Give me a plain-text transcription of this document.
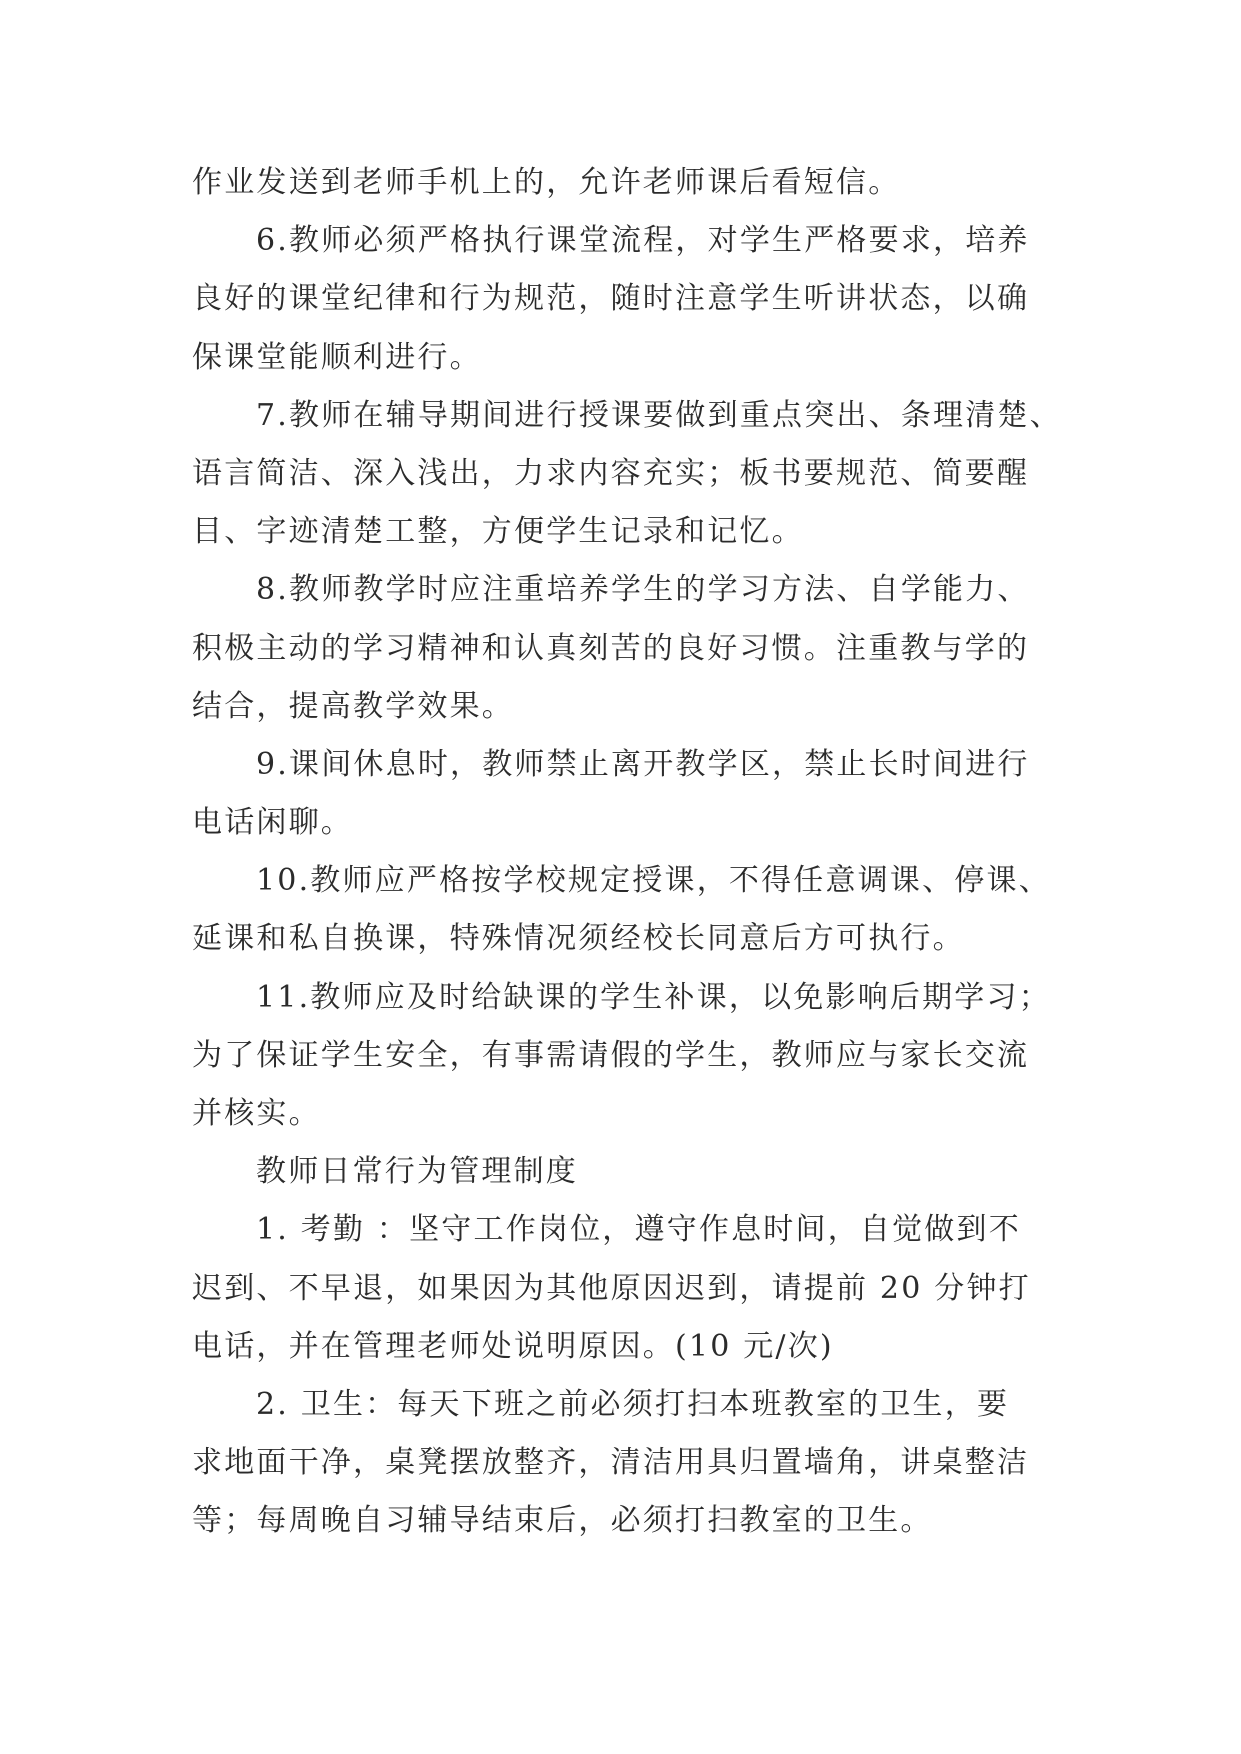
作业发送到老师手机上的，允许老师课后看短信。
6.教师必须严格执行课堂流程，对学生严格要求，培养
良好的课堂纪律和行为规范，随时注意学生听讲状态，以确
保课堂能顺利进行。
7.教师在辅导期间进行授课要做到重点突出、条理清楚、
语言简洁、深入浅出，力求内容充实；板书要规范、简要醒
目、字迹清楚工整，方便学生记录和记忆。
8.教师教学时应注重培养学生的学习方法、自学能力、
积极主动的学习精神和认真刻苦的良好习惯。注重教与学的
结合，提高教学效果。
9.课间休息时，教师禁止离开教学区，禁止长时间进行
电话闲聊。
10.教师应严格按学校规定授课，不得任意调课、停课、
延课和私自换课，特殊情况须经校长同意后方可执行。
11.教师应及时给缺课的学生补课，以免影响后期学习；
为了保证学生安全，有事需请假的学生，教师应与家长交流
并核实。
教师日常行为管理制度
1. 考勤 ：坚守工作岗位，遵守作息时间，自觉做到不
迟到、不早退，如果因为其他原因迟到，请提前 20 分钟打
电话，并在管理老师处说明原因。(10 元/次)
2. 卫生：每天下班之前必须打扫本班教室的卫生，要
求地面干净，桌凳摆放整齐，清洁用具归置墙角，讲桌整洁
等；每周晚自习辅导结束后，必须打扫教室的卫生。
